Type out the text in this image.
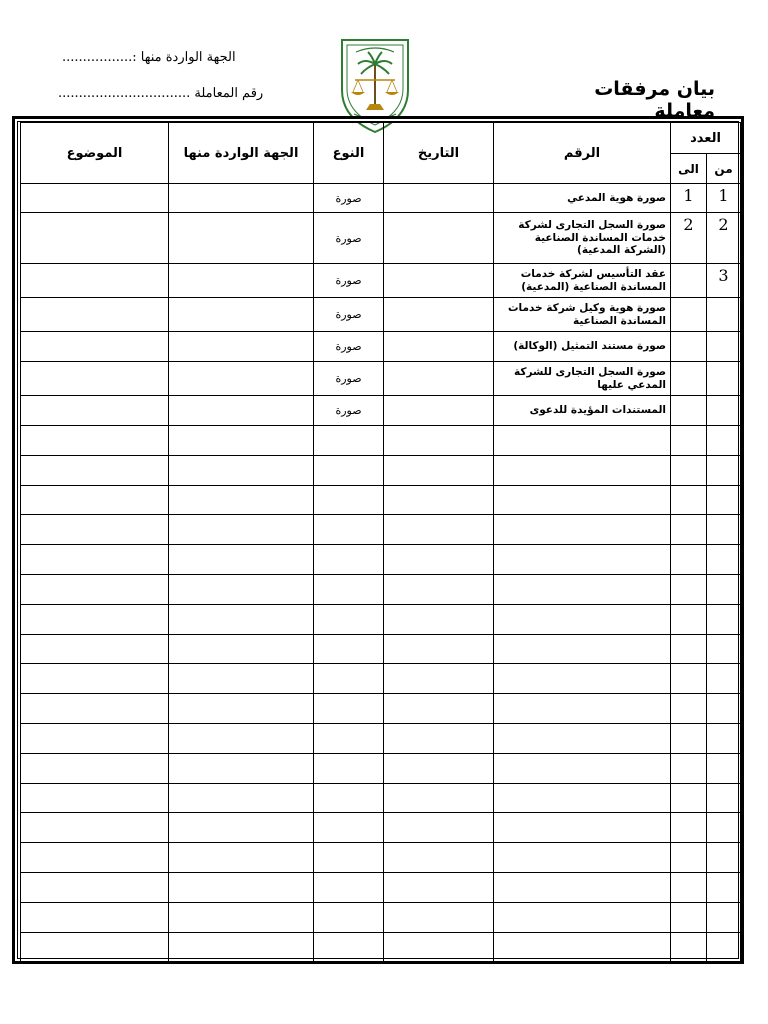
الجهة الواردة منها :.................
رقم المعاملة ................................	بيان مرفقات معاملة
الموضوع	الجهة الواردة منها	النوع	التاريخ	الرقم	العدد	
					الى	من
		صورة		صورة هوية المدعي	1	1
		صورة		صورة السجل التجارى لشركة خدمات المساندة الصناعية (الشركة المدعية)	2	2
		صورة		عقد التأسيس لشركة خدمات المساندة الصناعية (المدعية)		3
		صورة		صورة هوية وكيل شركة خدمات المساندة الصناعية		
		صورة		صورة مستند التمثيل (الوكالة)		
		صورة		صورة السجل التجارى للشركة المدعي عليها		
		صورة		المستندات المؤيدة للدعوى		
